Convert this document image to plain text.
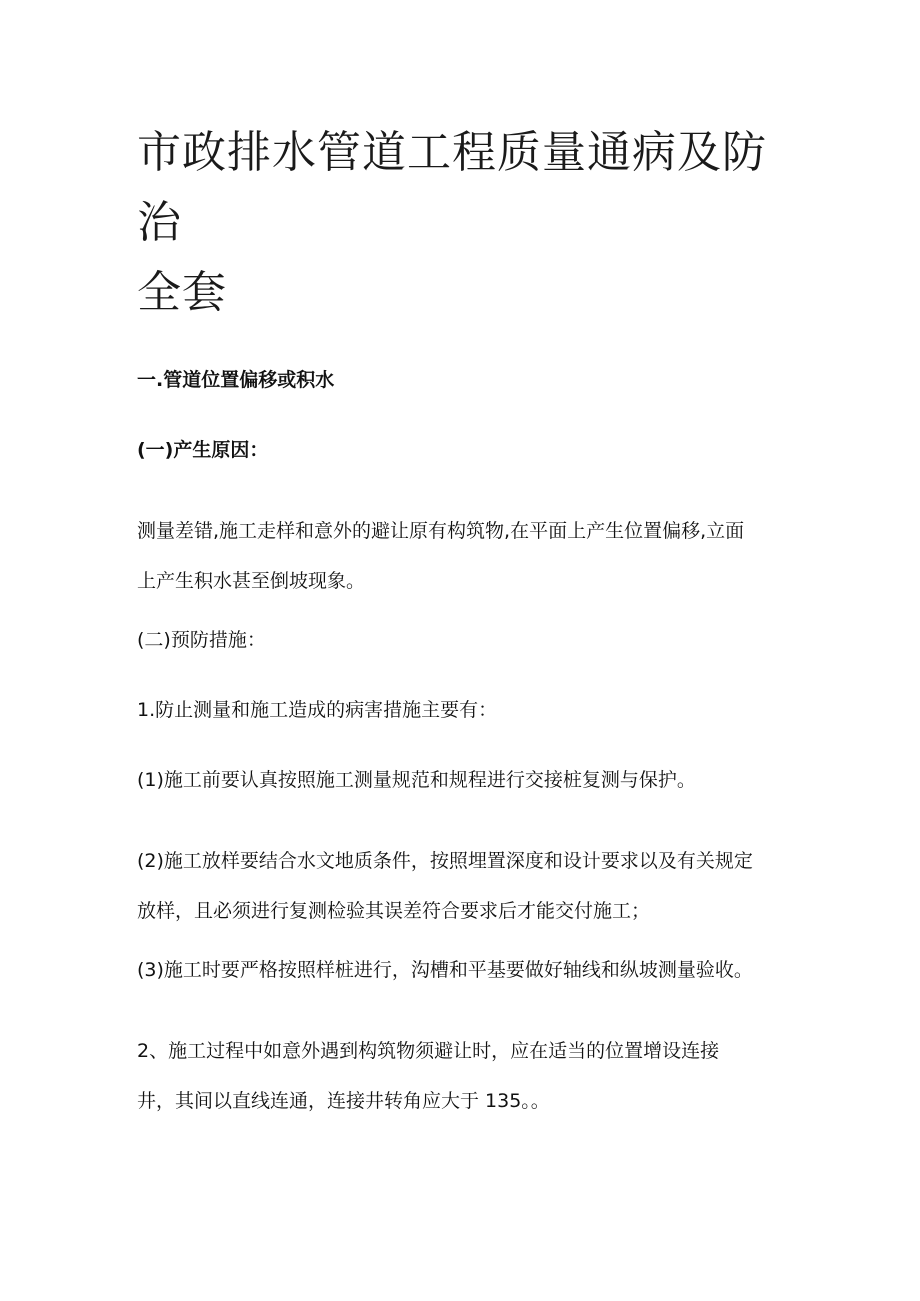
市政排水管道工程质量通病及防治
全套

一.管道位置偏移或积水

(一)产生原因：

测量差错,施工走样和意外的避让原有构筑物,在平面上产生位置偏移,立面
上产生积水甚至倒坡现象。

(二)预防措施：

1.防止测量和施工造成的病害措施主要有：

(1)施工前要认真按照施工测量规范和规程进行交接桩复测与保护。

(2)施工放样要结合水文地质条件，按照埋置深度和设计要求以及有关规定
放样，且必须进行复测检验其误差符合要求后才能交付施工；

(3)施工时要严格按照样桩进行，沟槽和平基要做好轴线和纵坡测量验收。

2、施工过程中如意外遇到构筑物须避让时，应在适当的位置增设连接
井，其间以直线连通，连接井转角应大于 135。。
